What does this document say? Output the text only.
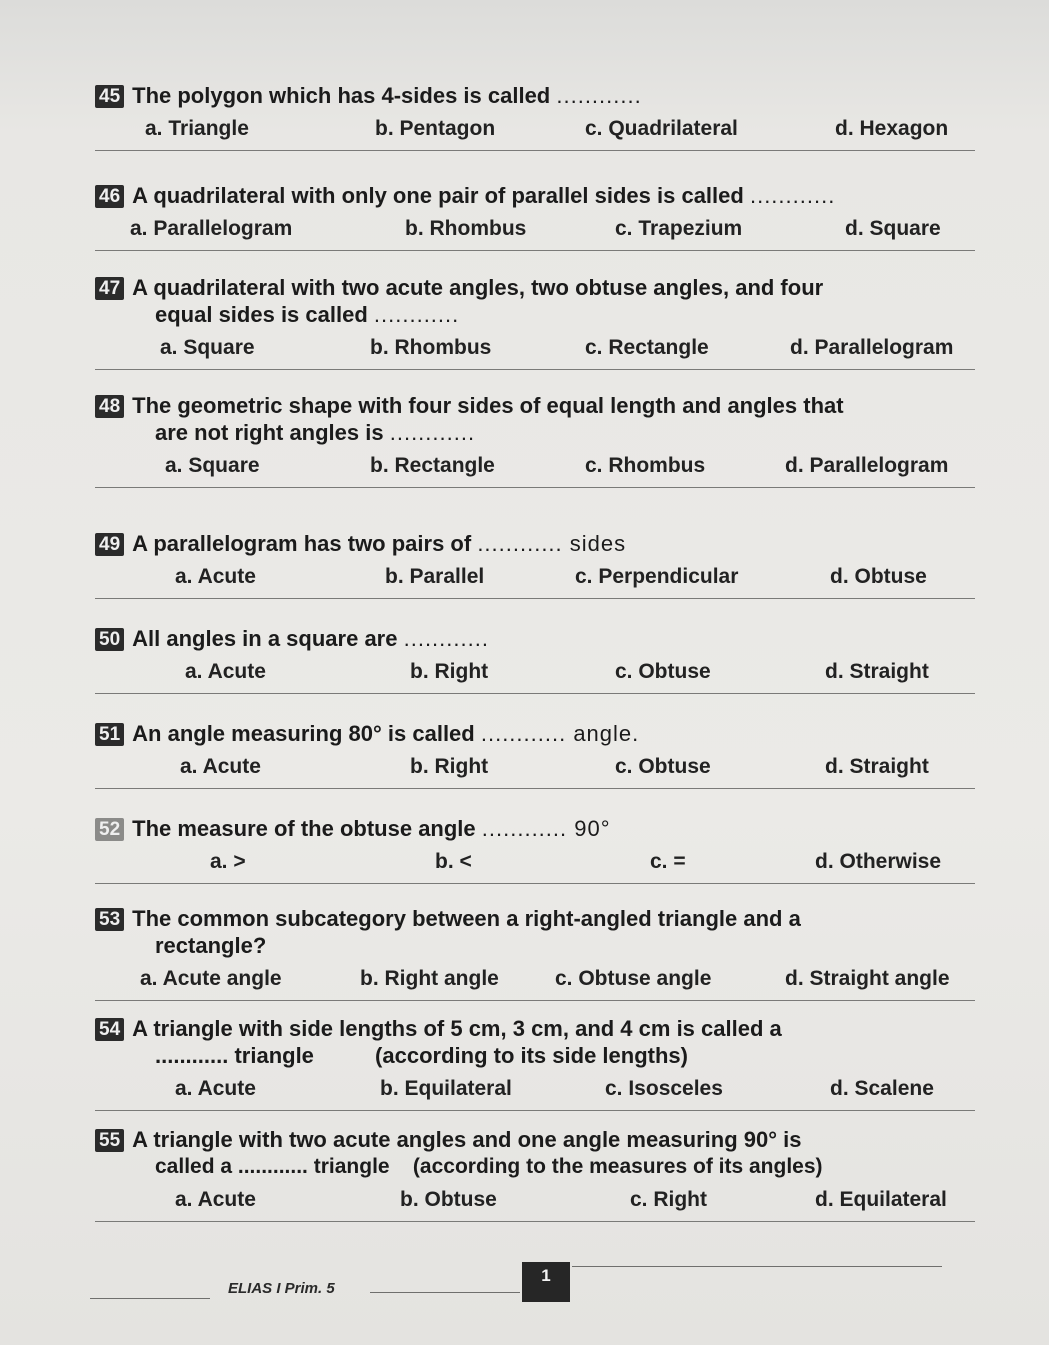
45 The polygon which has 4-sides is called ............
a. Triangle	b. Pentagon	c. Quadrilateral	d. Hexagon
46 A quadrilateral with only one pair of parallel sides is called ............
a. Parallelogram	b. Rhombus	c. Trapezium	d. Square
47 A quadrilateral with two acute angles, two obtuse angles, and four
equal sides is called ............
a. Square	b. Rhombus	c. Rectangle	d. Parallelogram
48 The geometric shape with four sides of equal length and angles that
are not right angles is ............
a. Square	b. Rectangle	c. Rhombus	d. Parallelogram
49 A parallelogram has two pairs of ............ sides
a. Acute	b. Parallel	c. Perpendicular	d. Obtuse
50 All angles in a square are ............
a. Acute	b. Right	c. Obtuse	d. Straight
51 An angle measuring 80° is called ............ angle.
a. Acute	b. Right	c. Obtuse	d. Straight
52 The measure of the obtuse angle ............ 90°
a. >	b. <	c. =	d. Otherwise
53 The common subcategory between a right-angled triangle and a
rectangle?
a. Acute angle	b. Right angle	c. Obtuse angle	d. Straight angle
54 A triangle with side lengths of 5 cm, 3 cm, and 4 cm is called a
............ triangle          (according to its side lengths)
a. Acute	b. Equilateral	c. Isosceles	d. Scalene
55 A triangle with two acute angles and one angle measuring 90° is
called a ............ triangle    (according to the measures of its angles)
a. Acute	b. Obtuse	c. Right	d. Equilateral
ELIAS I Prim. 5
1
